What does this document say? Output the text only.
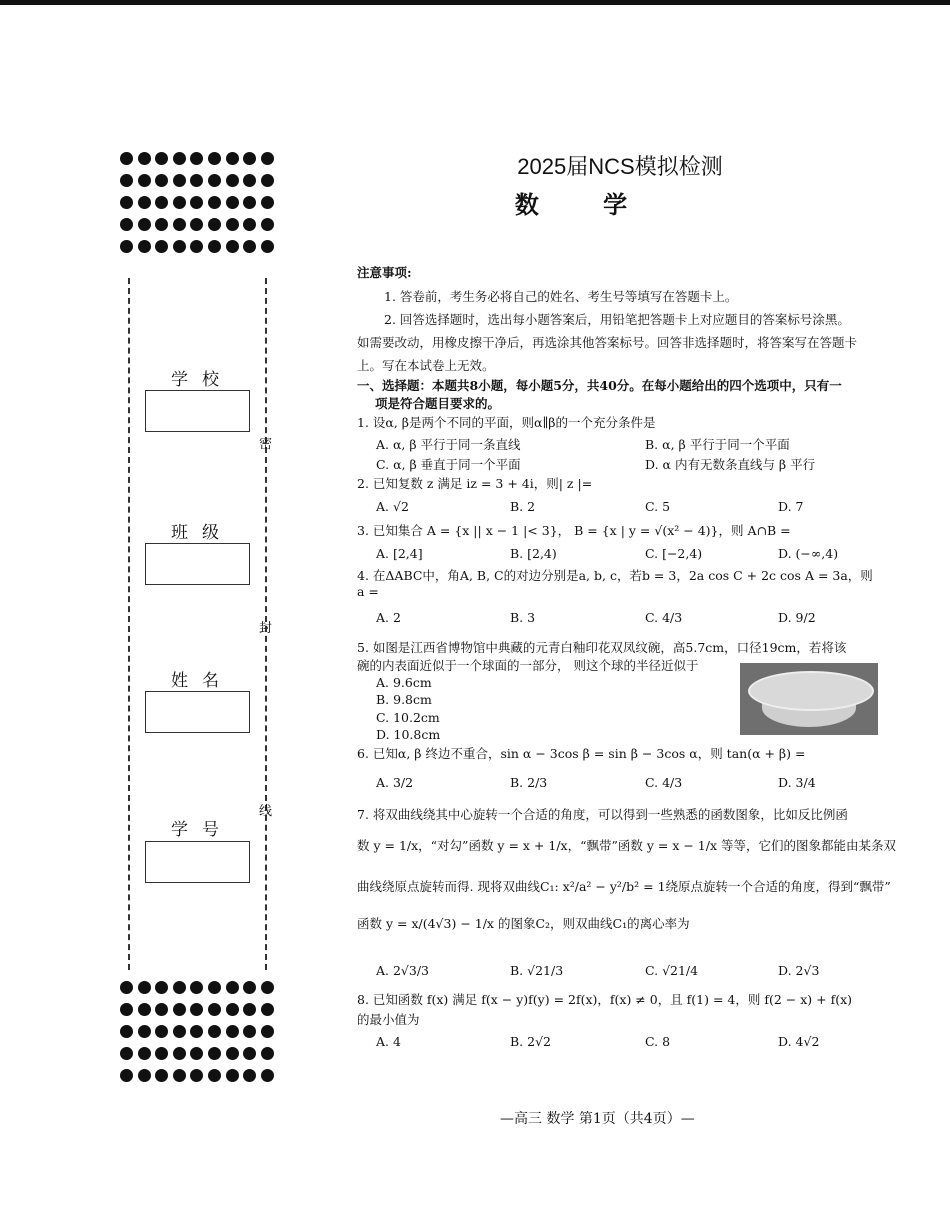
学校
班级
姓名
学号
密
封
线
2025届NCS模拟检测
数 学
注意事项:
1. 答卷前，考生务必将自己的姓名、考生号等填写在答题卡上。
2. 回答选择题时，选出每小题答案后，用铅笔把答题卡上对应题目的答案标号涂黑。
如需要改动，用橡皮擦干净后，再选涂其他答案标号。回答非选择题时，将答案写在答题卡
上。写在本试卷上无效。
一、选择题：本题共8小题，每小题5分，共40分。在每小题给出的四个选项中，只有一
项是符合题目要求的。
1. 设α, β是两个不同的平面，则α∥β的一个充分条件是
A. α, β 平行于同一条直线	B. α, β 平行于同一个平面
C. α, β 垂直于同一个平面	D. α 内有无数条直线与 β 平行
2. 已知复数 z 满足 iz = 3 + 4i，则| z |=
A. √2	B. 2	C. 5	D. 7
3. 已知集合 A = {x || x − 1 |< 3}， B = {x | y = √(x² − 4)}，则 A∩B =
A. [2,4]	B. [2,4)	C. [−2,4)	D. (−∞,4)
4. 在ΔABC中，角A, B, C的对边分别是a, b, c，若b = 3，2a cos C + 2c cos A = 3a，则
a =
A. 2	B. 3	C. 4/3	D. 9/2
5. 如图是江西省博物馆中典藏的元青白釉印花双凤纹碗，高5.7cm，口径19cm，若将该
碗的内表面近似于一个球面的一部分， 则这个球的半径近似于
A. 9.6cm
B. 9.8cm
C. 10.2cm
D. 10.8cm
6. 已知α, β 终边不重合，sin α − 3cos β = sin β − 3cos α，则 tan(α + β) =
A. 3/2	B. 2/3	C. 4/3	D. 3/4
7. 将双曲线绕其中心旋转一个合适的角度，可以得到一些熟悉的函数图象，比如反比例函
数 y = 1/x，“对勾”函数 y = x + 1/x，“飘带”函数 y = x − 1/x 等等，它们的图象都能由某条双
曲线绕原点旋转而得. 现将双曲线C₁: x²/a² − y²/b² = 1绕原点旋转一个合适的角度，得到“飘带”
函数 y = x/(4√3) − 1/x 的图象C₂，则双曲线C₁的离心率为
A. 2√3/3	B. √21/3	C. √21/4	D. 2√3
8. 已知函数 f(x) 满足 f(x − y)f(y) = 2f(x)，f(x) ≠ 0，且 f(1) = 4，则 f(2 − x) + f(x)
的最小值为
A. 4	B. 2√2	C. 8	D. 4√2
—高三 数学 第1页（共4页）—
